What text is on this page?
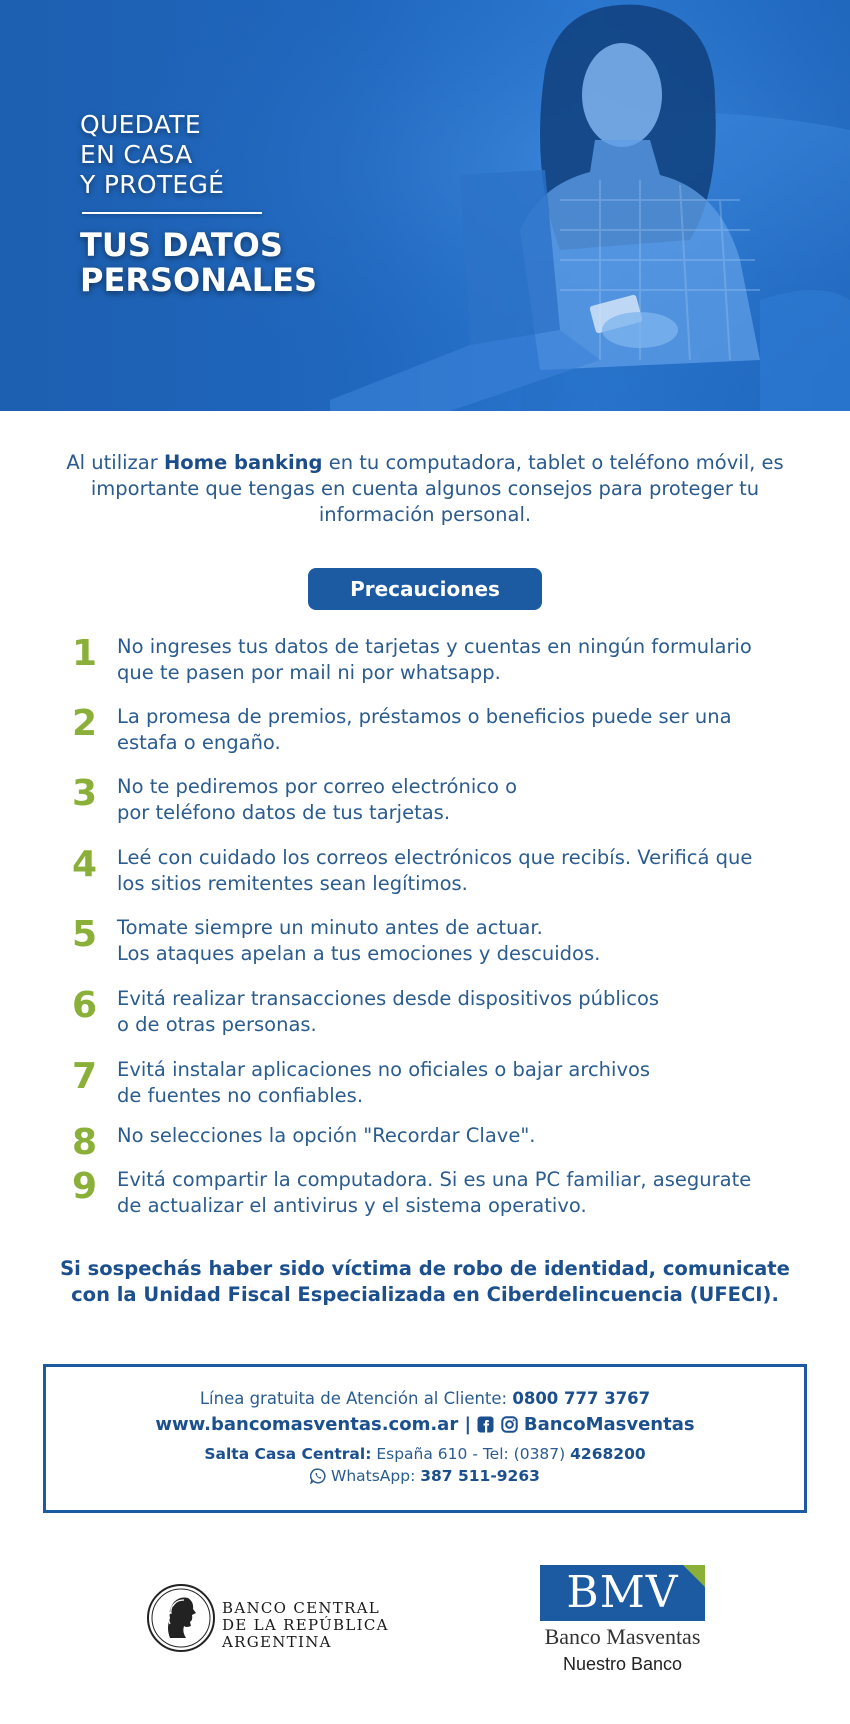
QUEDATE
EN CASA
Y PROTEGÉ
TUS DATOS
PERSONALES

Al utilizar Home banking en tu computadora, tablet o teléfono móvil, es importante que tengas en cuenta algunos consejos para proteger tu información personal.

Precauciones
1	No ingreses tus datos de tarjetas y cuentas en ningún formulario
que te pasen por mail ni por whatsapp.
2	La promesa de premios, préstamos o beneficios puede ser una
estafa o engaño.
3	No te pediremos por correo electrónico o
por teléfono datos de tus tarjetas.
4	Leé con cuidado los correos electrónicos que recibís. Verificá que
los sitios remitentes sean legítimos.
5	Tomate siempre un minuto antes de actuar.
Los ataques apelan a tus emociones y descuidos.
6	Evitá realizar transacciones desde dispositivos públicos
o de otras personas.
7	Evitá instalar aplicaciones no oficiales o bajar archivos
de fuentes no confiables.
8	No selecciones la opción "Recordar Clave".
9	Evitá compartir la computadora. Si es una PC familiar, asegurate
de actualizar el antivirus y el sistema operativo.

Si sospechás haber sido víctima de robo de identidad, comunicate con la Unidad Fiscal Especializada en Ciberdelincuencia (UFECI).

Línea gratuita de Atención al Cliente: 0800 777 3767
www.bancomasventas.com.ar |	BancoMasventas
Salta Casa Central: España 610 - Tel: (0387) 4268200
WhatsApp: 387 511-9263
BANCO CENTRAL
DE LA REPÚBLICA ARGENTINA
BMV
Banco Masventas
Nuestro Banco
